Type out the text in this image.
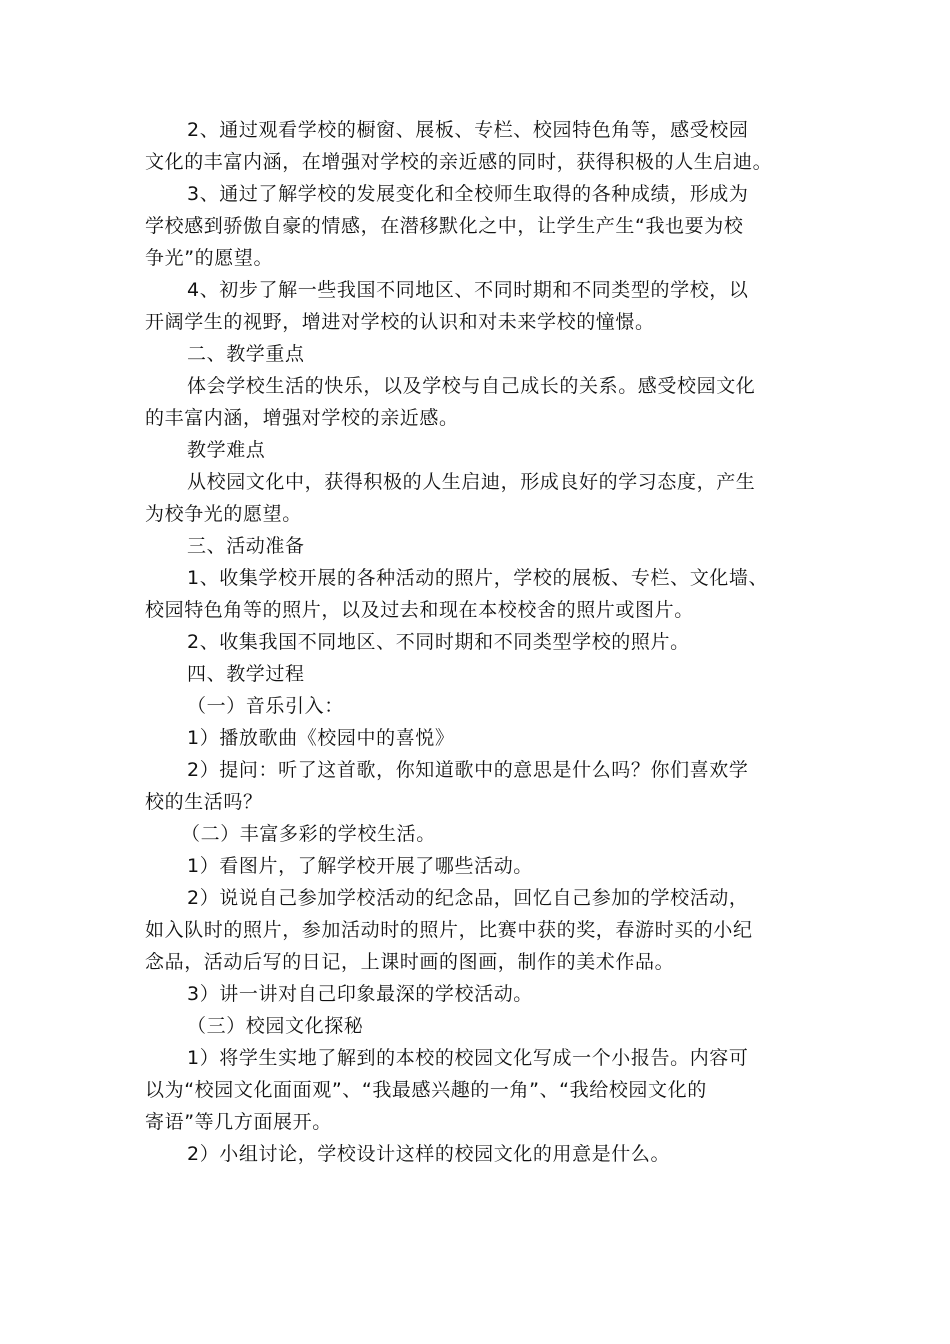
2、通过观看学校的橱窗、展板、专栏、校园特色角等，感受校园

文化的丰富内涵，在增强对学校的亲近感的同时，获得积极的人生启迪。

3、通过了解学校的发展变化和全校师生取得的各种成绩，形成为

学校感到骄傲自豪的情感，在潜移默化之中，让学生产生“我也要为校

争光”的愿望。

4、初步了解一些我国不同地区、不同时期和不同类型的学校，以

开阔学生的视野，增进对学校的认识和对未来学校的憧憬。

二、教学重点

体会学校生活的快乐，以及学校与自己成长的关系。感受校园文化

的丰富内涵，增强对学校的亲近感。

教学难点

从校园文化中，获得积极的人生启迪，形成良好的学习态度，产生

为校争光的愿望。

三、活动准备

1、收集学校开展的各种活动的照片，学校的展板、专栏、文化墙、

校园特色角等的照片，以及过去和现在本校校舍的照片或图片。

2、收集我国不同地区、不同时期和不同类型学校的照片。

四、教学过程

（一）音乐引入：

1）播放歌曲《校园中的喜悦》

2）提问：听了这首歌，你知道歌中的意思是什么吗？你们喜欢学

校的生活吗？

（二）丰富多彩的学校生活。

1）看图片，了解学校开展了哪些活动。

2）说说自己参加学校活动的纪念品，回忆自己参加的学校活动，

如入队时的照片，参加活动时的照片，比赛中获的奖，春游时买的小纪

念品，活动后写的日记，上课时画的图画，制作的美术作品。

3）讲一讲对自己印象最深的学校活动。

（三）校园文化探秘

1）将学生实地了解到的本校的校园文化写成一个小报告。内容可

以为“校园文化面面观”、“我最感兴趣的一角”、“我给校园文化的

寄语”等几方面展开。

2）小组讨论，学校设计这样的校园文化的用意是什么。
